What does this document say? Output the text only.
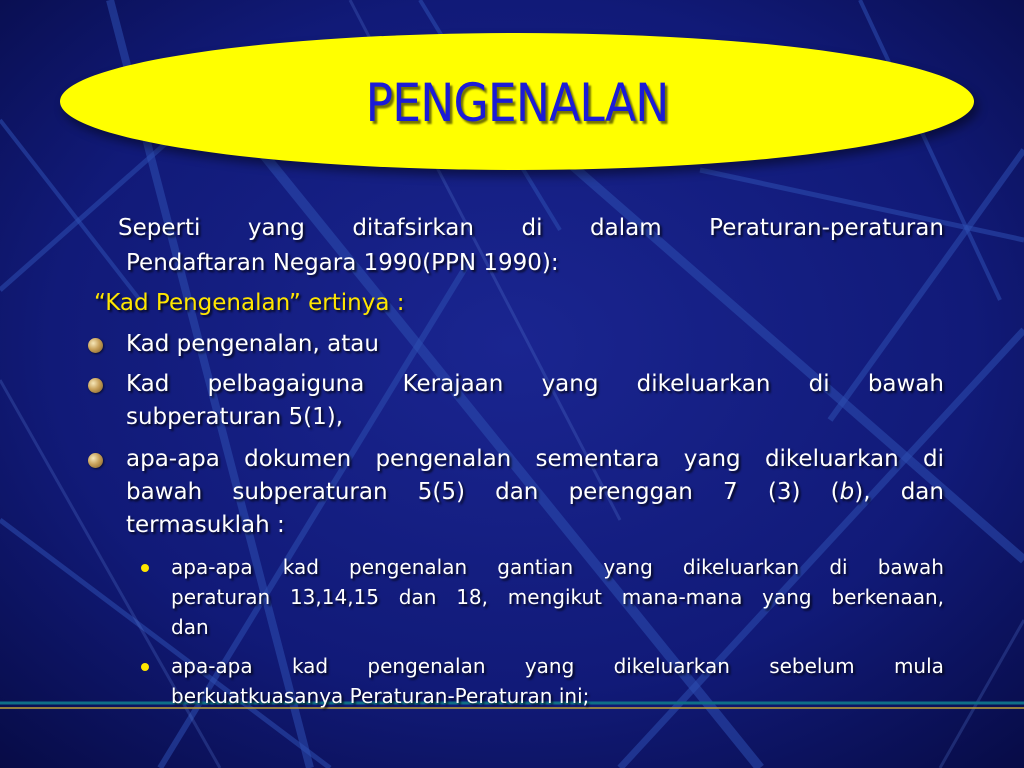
PENGENALAN
Seperti yang ditafsirkan di dalam Peraturan-peraturan
Pendaftaran Negara 1990(PPN 1990):
“Kad Pengenalan” ertinya :
Kad pengenalan, atau
Kad pelbagaiguna Kerajaan yang dikeluarkan di bawah
subperaturan 5(1),
apa-apa dokumen pengenalan sementara yang dikeluarkan di
bawah subperaturan 5(5) dan perenggan 7 (3) (b), dan
termasuklah :
apa-apa kad pengenalan gantian yang dikeluarkan di bawah
peraturan 13,14,15 dan 18, mengikut mana-mana yang berkenaan,
dan
apa-apa kad pengenalan yang dikeluarkan sebelum mula
berkuatkuasanya Peraturan-Peraturan ini;
